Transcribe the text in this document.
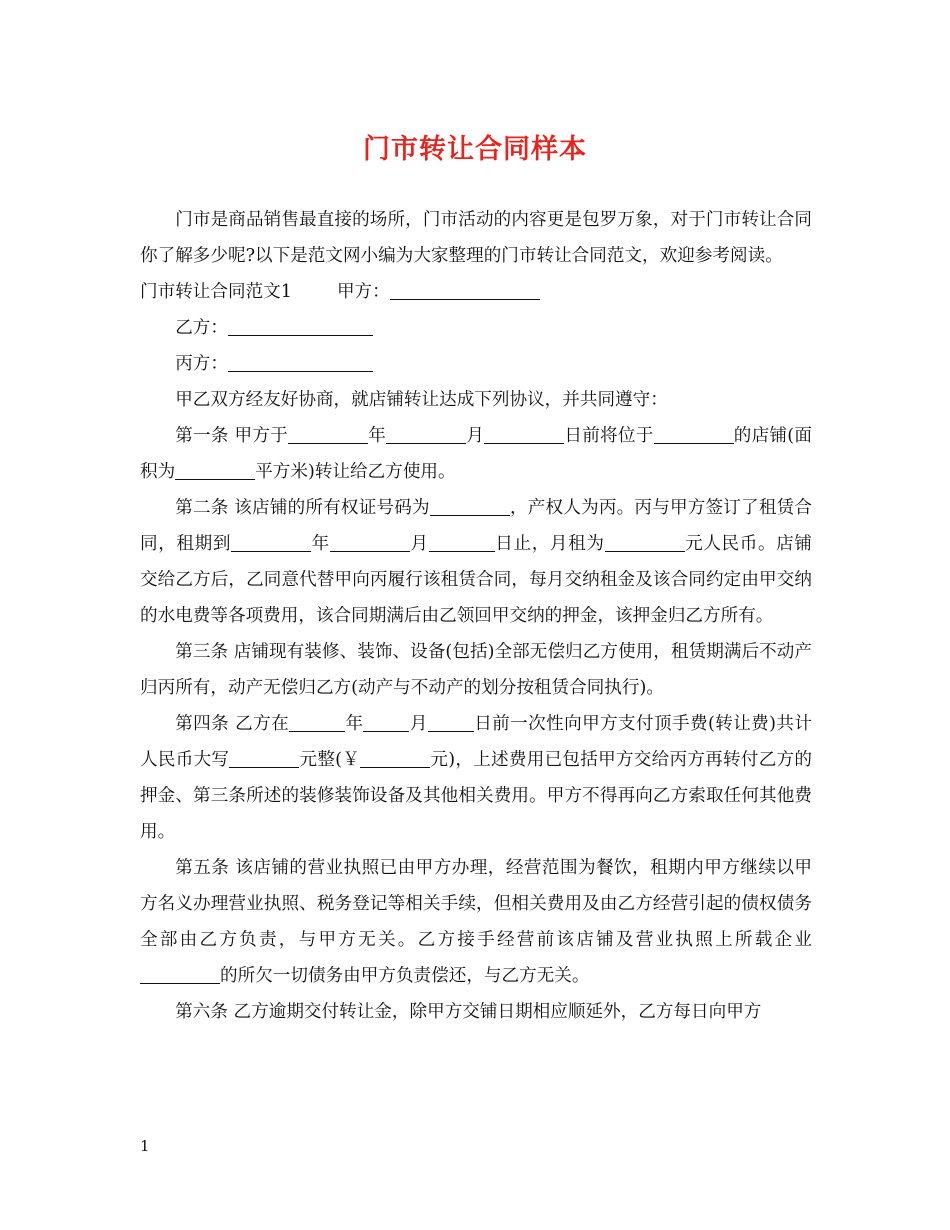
门市转让合同样本

门市是商品销售最直接的场所，门市活动的内容更是包罗万象，对于门市转让合同你了解多少呢?以下是范文网小编为大家整理的门市转让合同范文，欢迎参考阅读。

门市转让合同范文1	甲方：

乙方：

丙方：

甲乙双方经友好协商，就店铺转让达成下列协议，并共同遵守：

第一条 甲方于	年	月	日前将位于	的店铺(面积为	平方米)转让给乙方使用。

第二条 该店铺的所有权证号码为	，产权人为丙。丙与甲方签订了租赁合同，租期到	年	月	日止，月租为	元人民币。店铺交给乙方后，乙同意代替甲向丙履行该租赁合同，每月交纳租金及该合同约定由甲交纳的水电费等各项费用，该合同期满后由乙领回甲交纳的押金，该押金归乙方所有。

第三条 店铺现有装修、装饰、设备(包括)全部无偿归乙方使用，租赁期满后不动产归丙所有，动产无偿归乙方(动产与不动产的划分按租赁合同执行)。

第四条 乙方在	年	月	日前一次性向甲方支付顶手费(转让费)共计人民币大写	元整(￥	元)，上述费用已包括甲方交给丙方再转付乙方的押金、第三条所述的装修装饰设备及其他相关费用。甲方不得再向乙方索取任何其他费用。

第五条 该店铺的营业执照已由甲方办理，经营范围为餐饮，租期内甲方继续以甲方名义办理营业执照、税务登记等相关手续，但相关费用及由乙方经营引起的债权债务全部由乙方负责，与甲方无关。乙方接手经营前该店铺及营业执照上所载企业的所欠一切债务由甲方负责偿还，与乙方无关。

第六条 乙方逾期交付转让金，除甲方交铺日期相应顺延外，乙方每日向甲方

1
